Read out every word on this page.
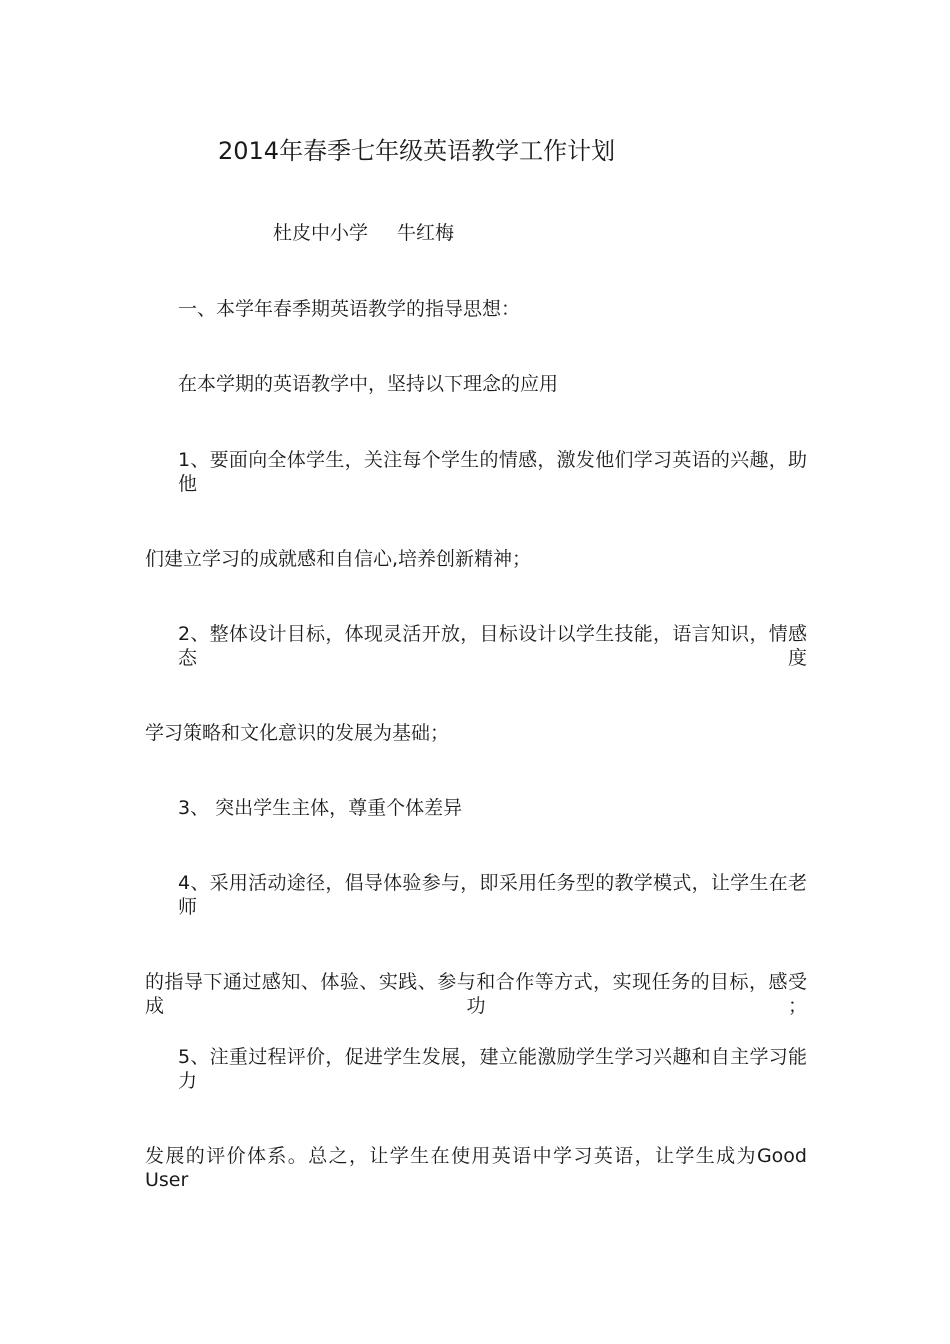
2014年春季七年级英语教学工作计划
杜皮中小学 牛红梅
一、本学年春季期英语教学的指导思想：
在本学期的英语教学中，坚持以下理念的应用
1、要面向全体学生，关注每个学生的情感，激发他们学习英语的兴趣，助他
们建立学习的成就感和自信心,培养创新精神；
2、整体设计目标，体现灵活开放，目标设计以学生技能，语言知识，情感态度
学习策略和文化意识的发展为基础；
3、 突出学生主体，尊重个体差异
4、采用活动途径，倡导体验参与，即采用任务型的教学模式，让学生在老师
的指导下通过感知、体验、实践、参与和合作等方式，实现任务的目标，感受成功；
5、注重过程评价，促进学生发展，建立能激励学生学习兴趣和自主学习能力
发展的评价体系。总之，让学生在使用英语中学习英语，让学生成为Good User
